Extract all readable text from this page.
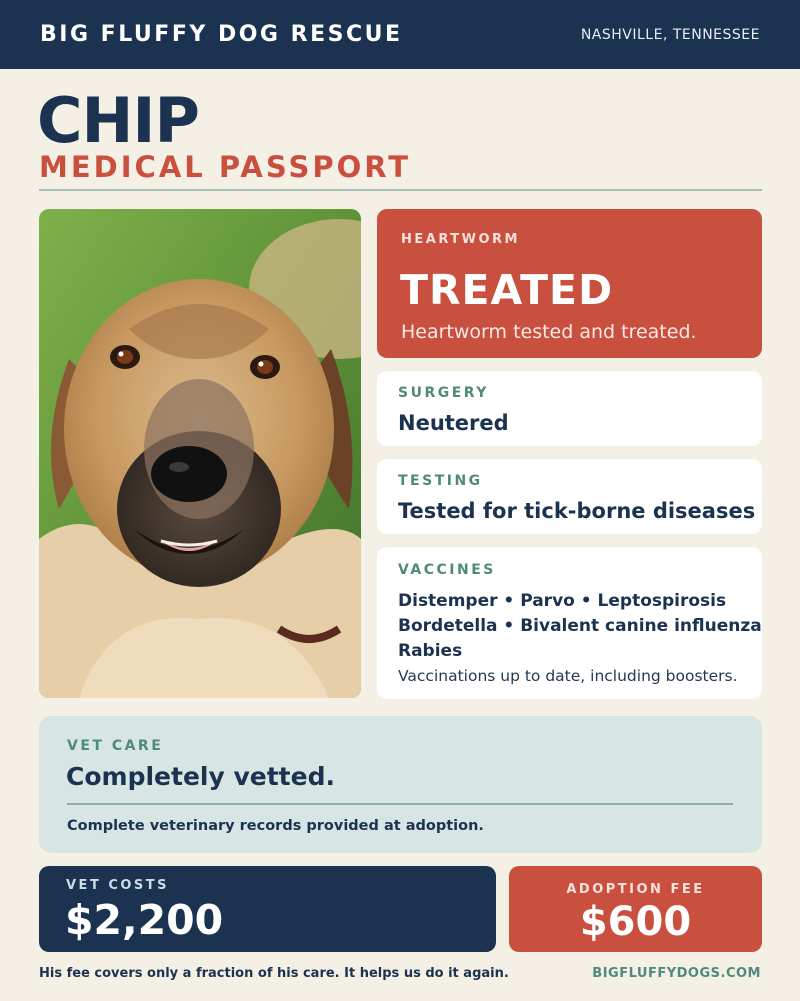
BIG FLUFFY DOG RESCUE	NASHVILLE, TENNESSEE
CHIP
MEDICAL PASSPORT
HEARTWORM
TREATED
Heartworm tested and treated.
SURGERY
Neutered
TESTING
Tested for tick-borne diseases
VACCINES
Distemper • Parvo • Leptospirosis
Bordetella • Bivalent canine influenza
Rabies
Vaccinations up to date, including boosters.
VET CARE
Completely vetted.
Complete veterinary records provided at adoption.
VET COSTS
$2,200
ADOPTION FEE
$600
His fee covers only a fraction of his care. It helps us do it again.	BIGFLUFFYDOGS.COM
